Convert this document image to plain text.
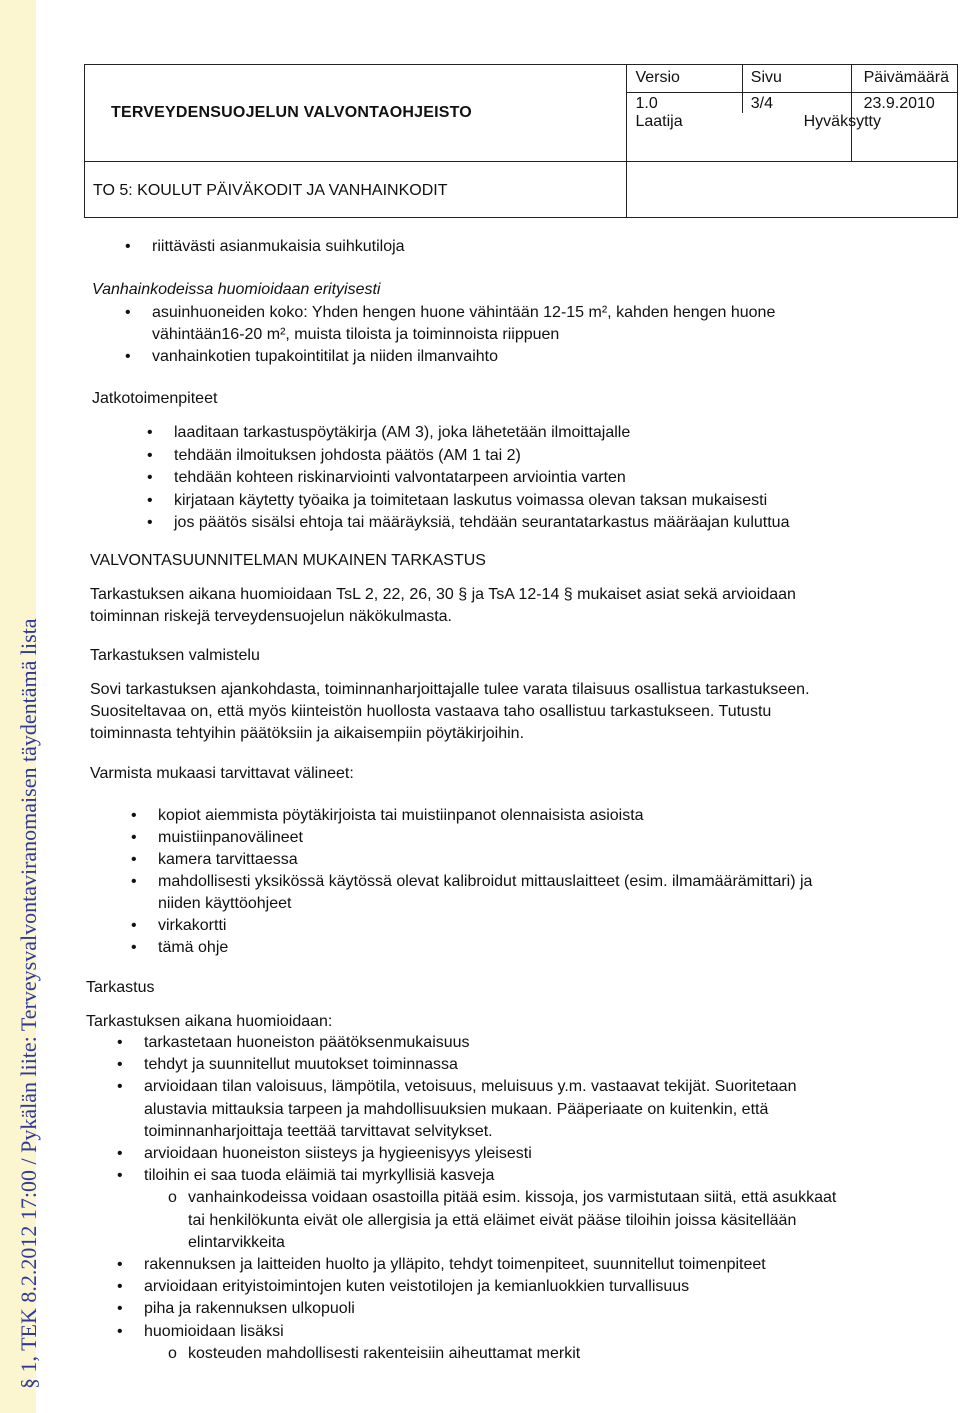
§ 1, TEK 8.2.2012 17:00 / Pykälän liite: Terveysvalvontaviranomaisen täydentämä lista
TERVEYDENSUOJELUN VALVONTAOHJEISTO	Versio	Sivu	Päivämäärä
	1.0	3/4	23.9.2010
	Laatija		Hyväksytty
TO 5: KOULUT PÄIVÄKODIT JA VANHAINKODIT			
• riittävästi asianmukaisia suihkutiloja
Vanhainkodeissa huomioidaan erityisesti
• asuinhuoneiden koko: Yhden hengen huone vähintään 12-15 m², kahden hengen huone
vähintään16-20 m², muista tiloista ja toiminnoista riippuen
• vanhainkotien tupakointitilat ja niiden ilmanvaihto
Jatkotoimenpiteet
• laaditaan tarkastuspöytäkirja (AM 3), joka lähetetään ilmoittajalle
• tehdään ilmoituksen johdosta päätös (AM 1 tai 2)
• tehdään kohteen riskinarviointi valvontatarpeen arviointia varten
• kirjataan käytetty työaika ja toimitetaan laskutus voimassa olevan taksan mukaisesti
• jos päätös sisälsi ehtoja tai määräyksiä, tehdään seurantatarkastus määräajan kuluttua
VALVONTASUUNNITELMAN MUKAINEN TARKASTUS
Tarkastuksen aikana huomioidaan TsL 2, 22, 26, 30 § ja TsA 12-14 § mukaiset asiat sekä arvioidaan
toiminnan riskejä terveydensuojelun näkökulmasta.
Tarkastuksen valmistelu
Sovi tarkastuksen ajankohdasta, toiminnanharjoittajalle tulee varata tilaisuus osallistua tarkastukseen.
Suositeltavaa on, että myös kiinteistön huollosta vastaava taho osallistuu tarkastukseen. Tutustu
toiminnasta tehtyihin päätöksiin ja aikaisempiin pöytäkirjoihin.
Varmista mukaasi tarvittavat välineet:
• kopiot aiemmista pöytäkirjoista tai muistiinpanot olennaisista asioista
• muistiinpanovälineet
• kamera tarvittaessa
• mahdollisesti yksikössä käytössä olevat kalibroidut mittauslaitteet (esim. ilmamäärämittari) ja
niiden käyttöohjeet
• virkakortti
• tämä ohje
Tarkastus
Tarkastuksen aikana huomioidaan:
• tarkastetaan huoneiston päätöksenmukaisuus
• tehdyt ja suunnitellut muutokset toiminnassa
• arvioidaan tilan valoisuus, lämpötila, vetoisuus, meluisuus y.m. vastaavat tekijät. Suoritetaan
alustavia mittauksia tarpeen ja mahdollisuuksien mukaan. Pääperiaate on kuitenkin, että
toiminnanharjoittaja teettää tarvittavat selvitykset.
• arvioidaan huoneiston siisteys ja hygieenisyys yleisesti
• tiloihin ei saa tuoda eläimiä tai myrkyllisiä kasveja
o vanhainkodeissa voidaan osastoilla pitää esim. kissoja, jos varmistutaan siitä, että asukkaat
tai henkilökunta eivät ole allergisia ja että eläimet eivät pääse tiloihin joissa käsitellään
elintarvikkeita
• rakennuksen ja laitteiden huolto ja ylläpito, tehdyt toimenpiteet, suunnitellut toimenpiteet
• arvioidaan erityistoimintojen kuten veistotilojen ja kemianluokkien turvallisuus
• piha ja rakennuksen ulkopuoli
• huomioidaan lisäksi
o kosteuden mahdollisesti rakenteisiin aiheuttamat merkit
